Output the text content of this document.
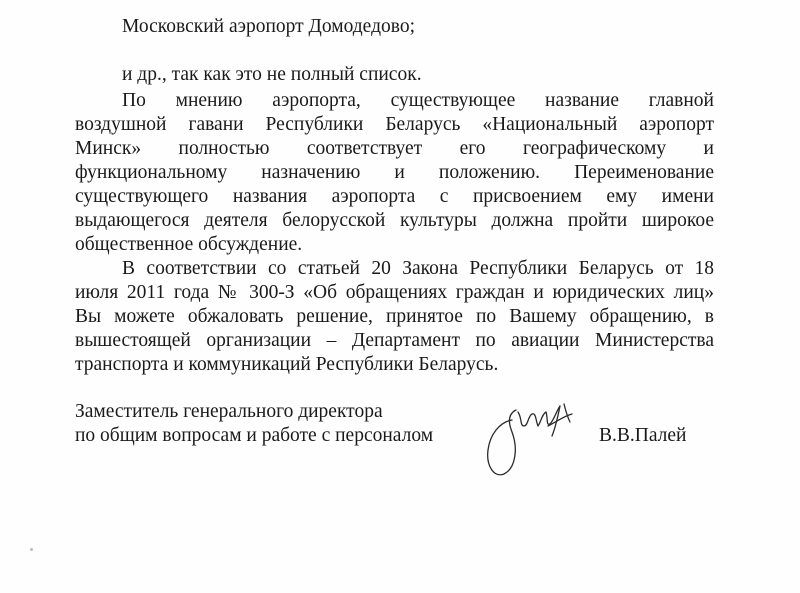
Московский аэропорт Домодедово;

и др., так как это не полный список.

По мнению аэропорта, существующее название главной

воздушной гавани Республики Беларусь «Национальный аэропорт

Минск» полностью соответствует его географическому и

функциональному назначению и положению. Переименование

существующего названия аэропорта с присвоением ему имени

выдающегося деятеля белорусской культуры должна пройти широкое

общественное обсуждение.

В соответствии со статьей 20 Закона Республики Беларусь от 18

июля 2011 года № 300-З «Об обращениях граждан и юридических лиц»

Вы можете обжаловать решение, принятое по Вашему обращению, в

вышестоящей организации – Департамент по авиации Министерства

транспорта и коммуникаций Республики Беларусь.

Заместитель генерального директора

по общим вопросам и работе с персоналом	В.В.Палей
